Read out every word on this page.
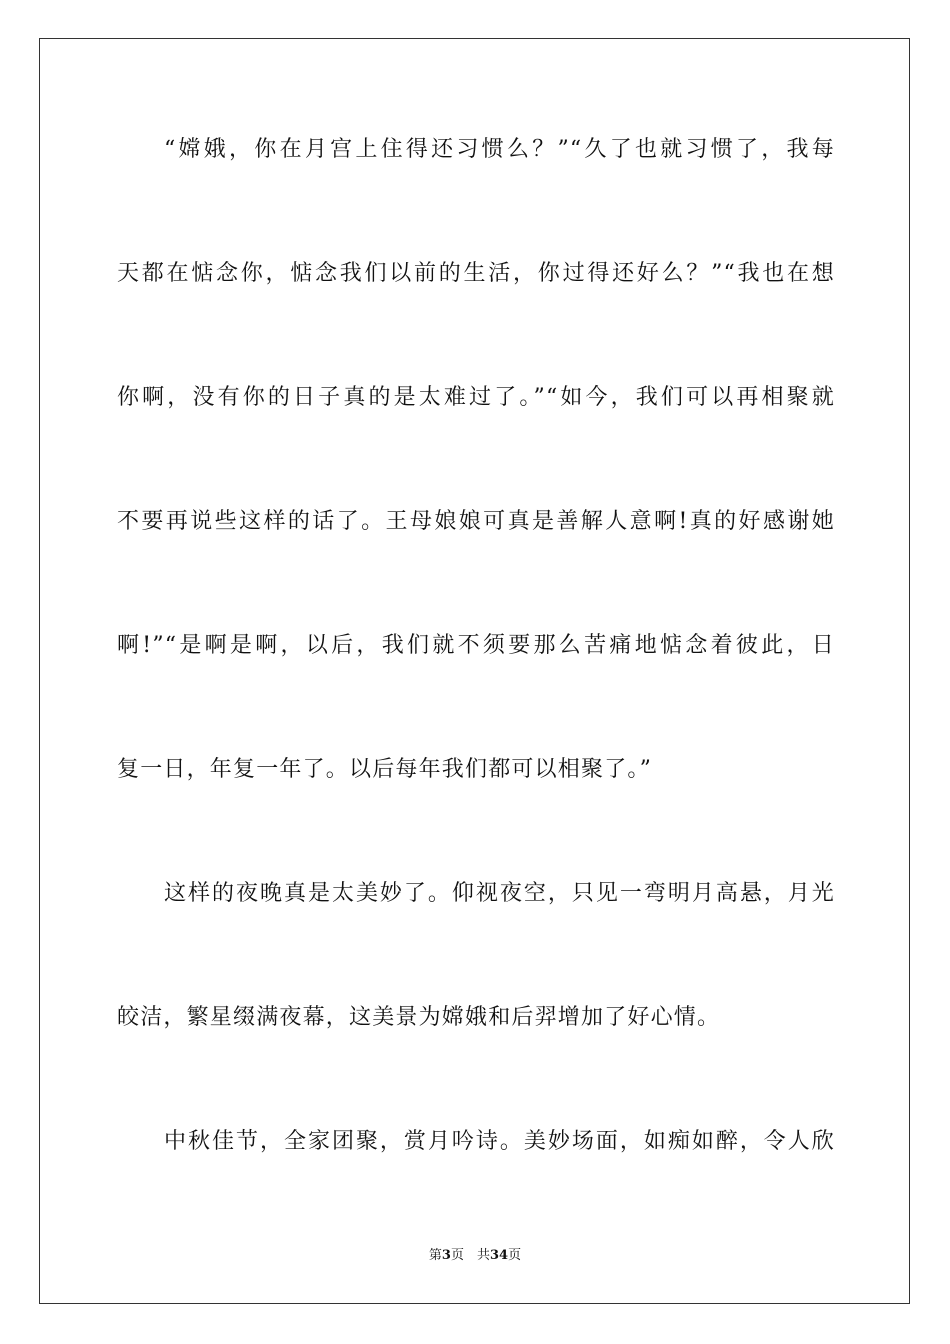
“嫦娥，你在月宫上住得还习惯么？”“久了也就习惯了，我每
天都在惦念你，惦念我们以前的生活，你过得还好么？”“我也在想
你啊，没有你的日子真的是太难过了。”“如今，我们可以再相聚就
不要再说些这样的话了。王母娘娘可真是善解人意啊!真的好感谢她
啊!”“是啊是啊，以后，我们就不须要那么苦痛地惦念着彼此，日
复一日，年复一年了。以后每年我们都可以相聚了。”
这样的夜晚真是太美妙了。仰视夜空，只见一弯明月高悬，月光
皎洁，繁星缀满夜幕，这美景为嫦娥和后羿增加了好心情。
中秋佳节，全家团聚，赏月吟诗。美妙场面，如痴如醉，令人欣
第3页　共34页
